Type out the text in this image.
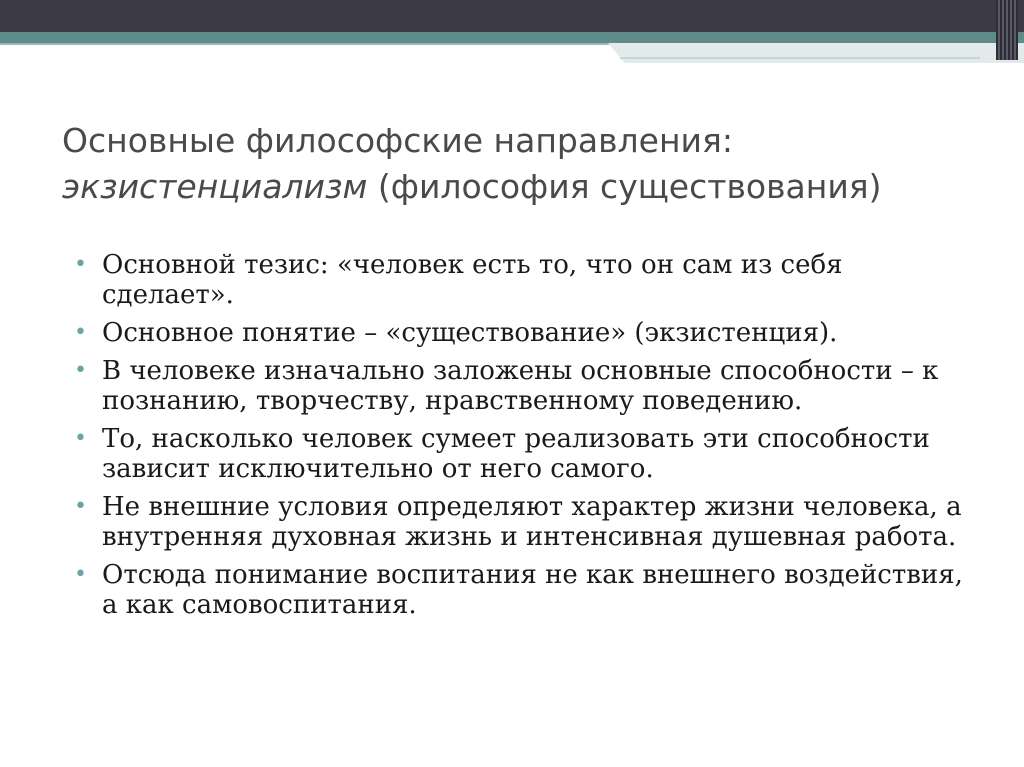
Основные философские направления:
экзистенциализм (философия существования)
• Основной тезис: «человек есть то, что он сам из себя сделает».
• Основное понятие – «существование» (экзистенция).
• В человеке изначально заложены основные способности – к познанию, творчеству, нравственному поведению.
• То, насколько человек сумеет реализовать эти способности зависит исключительно от него самого.
• Не внешние условия определяют характер жизни человека, а внутренняя духовная жизнь и интенсивная душевная работа.
• Отсюда понимание воспитания не как внешнего воздействия, а как самовоспитания.
